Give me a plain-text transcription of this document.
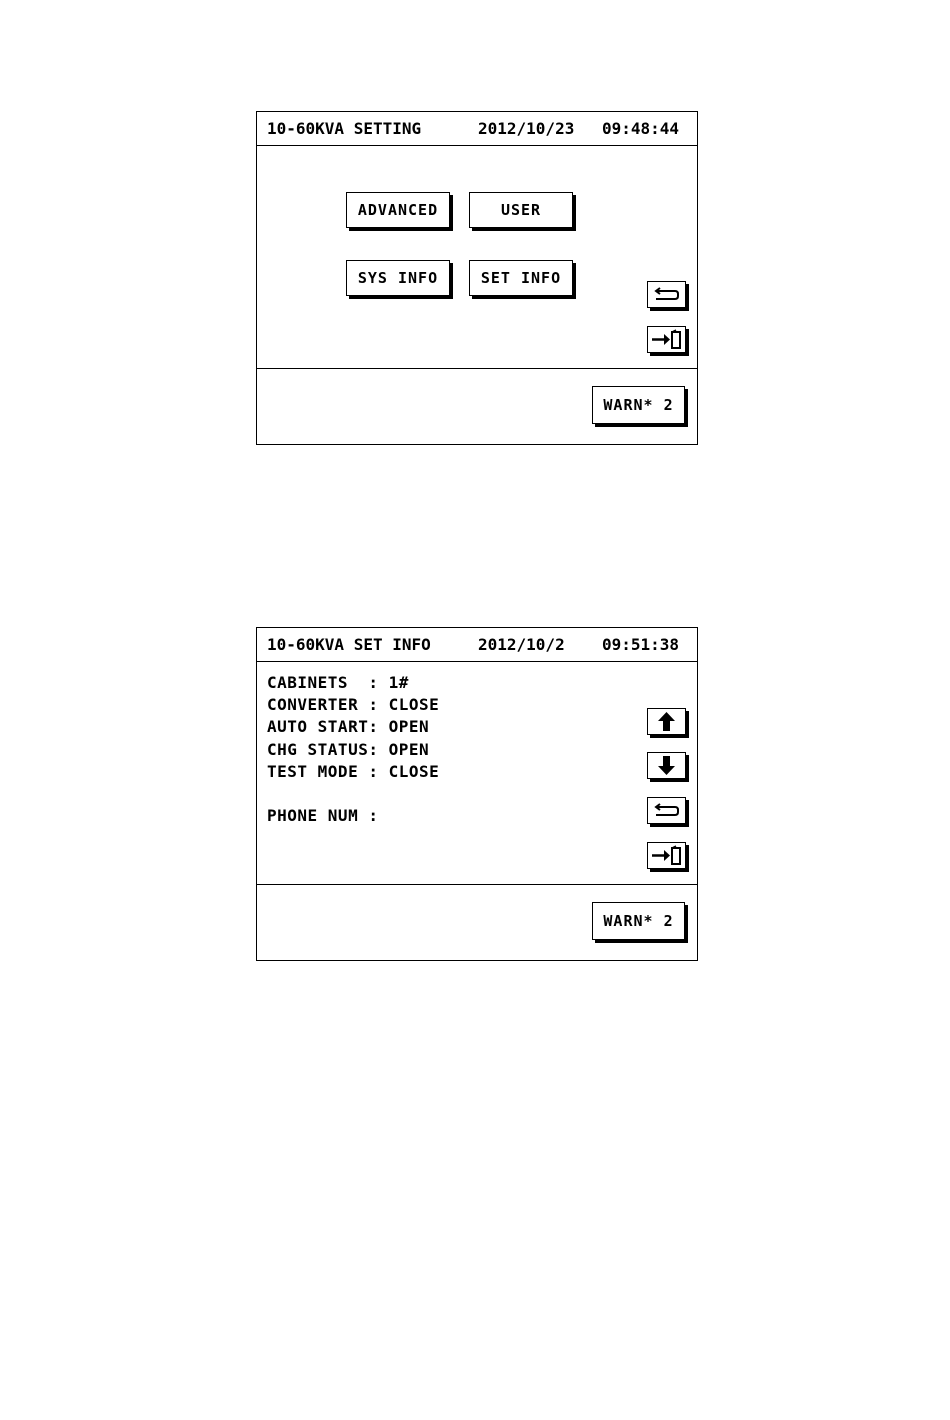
10-60KVA SETTING	2012/10/23 09:48:44
ADVANCED	USER
SYS INFO	SET INFO
WARN* 2
10-60KVA SET INFO	2012/10/2 09:51:38
CABINETS  : 1#
CONVERTER : CLOSE
AUTO START: OPEN
CHG STATUS: OPEN
TEST MODE : CLOSE
PHONE NUM :
WARN* 2
